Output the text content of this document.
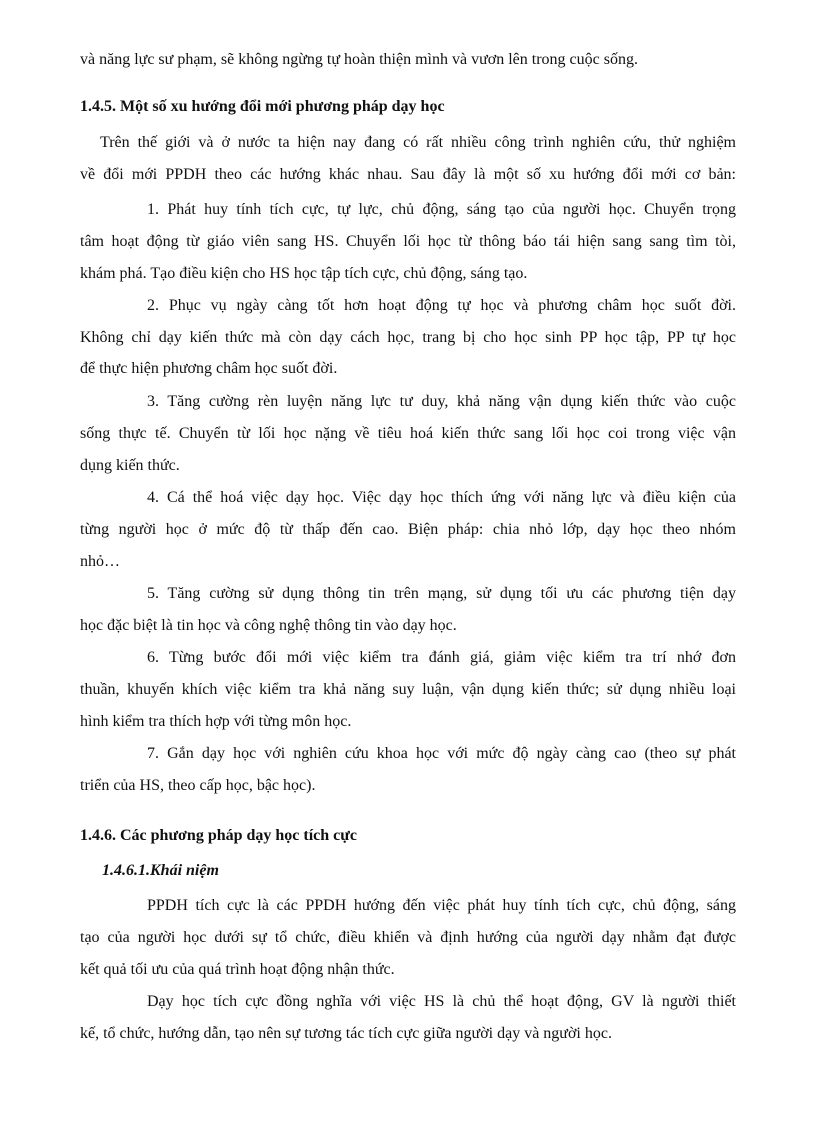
và năng lực sư phạm, sẽ không ngừng tự hoàn thiện mình và vươn lên trong cuộc sống.
1.4.5. Một số xu hướng đổi mới phương pháp dạy học
Trên thế giới và ở nước ta hiện nay đang có rất nhiều công trình nghiên cứu, thử nghiệm
về đổi mới PPDH theo các hướng khác nhau. Sau đây là một số xu hướng đổi mới cơ bản:
1. Phát huy tính tích cực, tự lực, chủ động, sáng tạo của người học. Chuyển trọng
tâm hoạt động từ giáo viên sang HS. Chuyển lối học từ thông báo tái hiện sang sang tìm tòi,
khám phá. Tạo điều kiện cho HS học tập tích cực, chủ động, sáng tạo.
2. Phục vụ ngày càng tốt hơn hoạt động tự học và phương châm học suốt đời.
Không chỉ dạy kiến thức mà còn dạy cách học, trang bị cho học sinh PP học tập, PP tự học
để thực hiện phương châm học suốt đời.
3. Tăng cường rèn luyện năng lực tư duy, khả năng vận dụng kiến thức vào cuộc
sống thực tế. Chuyển từ lối học nặng về tiêu hoá kiến thức sang lối học coi trong việc vận
dụng kiến thức.
4. Cá thể hoá việc dạy học. Việc dạy học thích ứng với năng lực và điều kiện của
từng người học ở mức độ từ thấp đến cao. Biện pháp: chia nhỏ lớp, dạy học theo nhóm
nhỏ…
5. Tăng cường sử dụng thông tin trên mạng, sử dụng tối ưu các phương tiện dạy
học đặc biệt là tin học và công nghệ thông tin vào dạy học.
6. Từng bước đổi mới việc kiểm tra đánh giá, giảm việc kiểm tra trí nhớ đơn
thuần, khuyến khích việc kiểm tra khả năng suy luận, vận dụng kiến thức; sử dụng nhiều loại
hình kiểm tra thích hợp với từng môn học.
7. Gắn dạy học với nghiên cứu khoa học với mức độ ngày càng cao (theo sự phát
triển của HS, theo cấp học, bậc học).
1.4.6. Các phương pháp dạy học tích cực
1.4.6.1.Khái niệm
PPDH tích cực là các PPDH hướng đến việc phát huy tính tích cực, chủ động, sáng
tạo của người học dưới sự tổ chức, điều khiển và định hướng của người dạy nhằm đạt được
kết quả tối ưu của quá trình hoạt động nhận thức.
Dạy học tích cực đồng nghĩa với việc HS là chủ thể hoạt động, GV là người thiết
kế, tổ chức, hướng dẫn, tạo nên sự tương tác tích cực giữa người dạy và người học.
